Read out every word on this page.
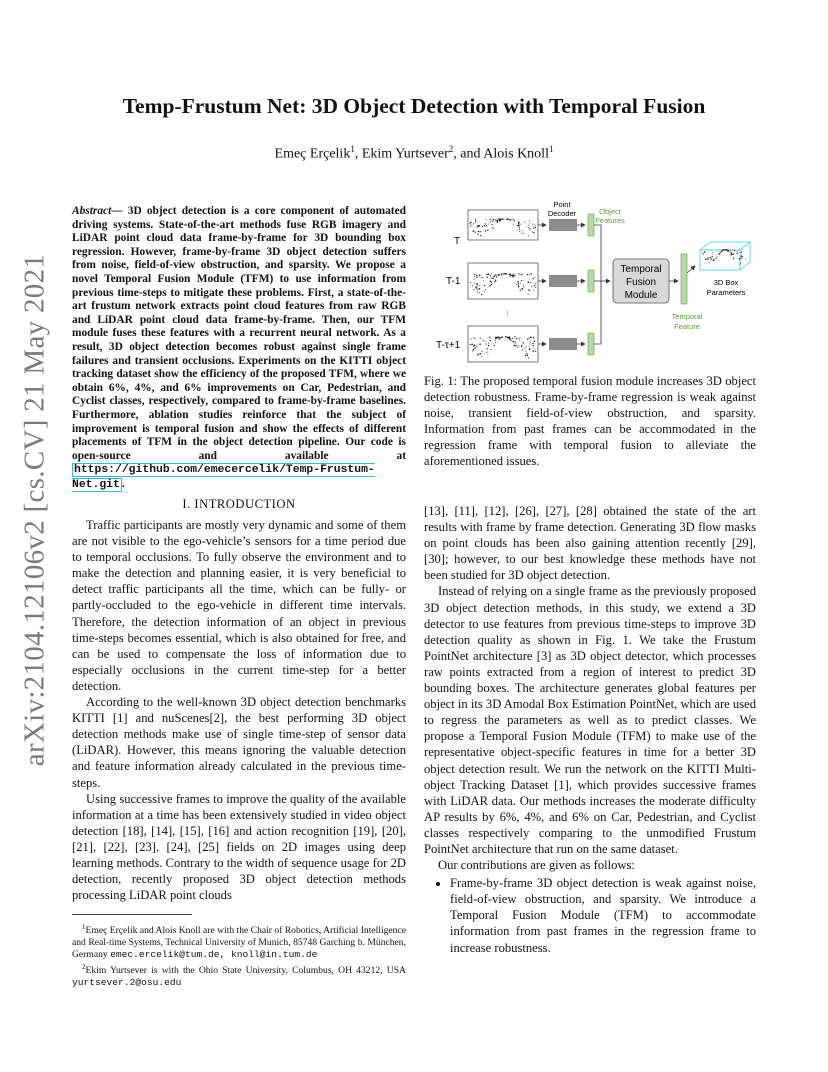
Temp-Frustum Net: 3D Object Detection with Temporal Fusion
Emeç Erçelik$^1$, Ekim Yurtsever$^2$, and Alois Knoll$^1$
arXiv:2104.12106v2 [cs.CV] 21 May 2021
Abstract— 3D object detection is a core component of automated driving systems. State-of-the-art methods fuse RGB imagery and LiDAR point cloud data frame-by-frame for 3D bounding box regression. However, frame-by-frame 3D object detection suffers from noise, field-of-view obstruction, and sparsity. We propose a novel Temporal Fusion Module (TFM) to use information from previous time-steps to mitigate these problems. First, a state-of-the-art frustum network extracts point cloud features from raw RGB and LiDAR point cloud data frame-by-frame. Then, our TFM module fuses these features with a recurrent neural network. As a result, 3D object detection becomes robust against single frame failures and transient occlusions. Experiments on the KITTI object tracking dataset show the efficiency of the proposed TFM, where we obtain 6%, 4%, and 6% improvements on Car, Pedestrian, and Cyclist classes, respectively, compared to frame-by-frame baselines. Furthermore, ablation studies reinforce that the subject of improvement is temporal fusion and show the effects of different placements of TFM in the object detection pipeline. Our code is open-source and available at https://github.com/emecercelik/Temp-Frustum-Net.git .
I. INTRODUCTION

Traffic participants are mostly very dynamic and some of them are not visible to the ego-vehicle’s sensors for a time period due to temporal occlusions. To fully observe the environment and to make the detection and planning easier, it is very beneficial to detect traffic participants all the time, which can be fully- or partly-occluded to the ego-vehicle in different time intervals. Therefore, the detection information of an object in previous time-steps becomes essential, which is also obtained for free, and can be used to compensate the loss of information due to especially occlusions in the current time-step for a better detection.

According to the well-known 3D object detection benchmarks KITTI [1] and nuScenes[2], the best performing 3D object detection methods make use of single time-step of sensor data (LiDAR). However, this means ignoring the valuable detection and feature information already calculated in the previous time-steps.

Using successive frames to improve the quality of the available information at a time has been extensively studied in video object detection [18], [14], [15], [16] and action recognition [19], [20], [21], [22], [23], [24], [25] fields on 2D images using deep learning methods. Contrary to the width of sequence usage for 2D detection, recently proposed 3D object detection methods processing LiDAR point clouds

$^1$Emeç Erçelik and Alois Knoll are with the Chair of Robotics, Artificial Intelligence and Real-time Systems, Technical University of Munich, 85748 Garching b. München, Germany emec.ercelik@tum.de, knoll@in.tum.de

$^2$Ekim Yurtsever is with the Ohio State University, Columbus, OH 43212, USA yurtsever.2@osu.edu

T
T-1
T-τ+1
⁝
Point Decoder	Object Features
Temporal Fusion Module
Temporal Feature
3D Box Parameters
Fig. 1: The proposed temporal fusion module increases 3D object detection robustness. Frame-by-frame regression is weak against noise, transient field-of-view obstruction, and sparsity. Information from past frames can be accommodated in the regression frame with temporal fusion to alleviate the aforementioned issues.

[13], [11], [12], [26], [27], [28] obtained the state of the art results with frame by frame detection. Generating 3D flow masks on point clouds has been also gaining attention recently [29], [30]; however, to our best knowledge these methods have not been studied for 3D object detection.

Instead of relying on a single frame as the previously proposed 3D object detection methods, in this study, we extend a 3D detector to use features from previous time-steps to improve 3D detection quality as shown in Fig. 1. We take the Frustum PointNet architecture [3] as 3D object detector, which processes raw points extracted from a region of interest to predict 3D bounding boxes. The architecture generates global features per object in its 3D Amodal Box Estimation PointNet, which are used to regress the parameters as well as to predict classes. We propose a Temporal Fusion Module (TFM) to make use of the representative object-specific features in time for a better 3D object detection result. We run the network on the KITTI Multi-object Tracking Dataset [1], which provides successive frames with LiDAR data. Our methods increases the moderate difficulty AP results by 6%, 4%, and 6% on Car, Pedestrian, and Cyclist classes respectively comparing to the unmodified Frustum PointNet architecture that run on the same dataset.

Our contributions are given as follows:

• Frame-by-frame 3D object detection is weak against noise, field-of-view obstruction, and sparsity. We introduce a Temporal Fusion Module (TFM) to accommodate information from past frames in the regression frame to increase robustness.
